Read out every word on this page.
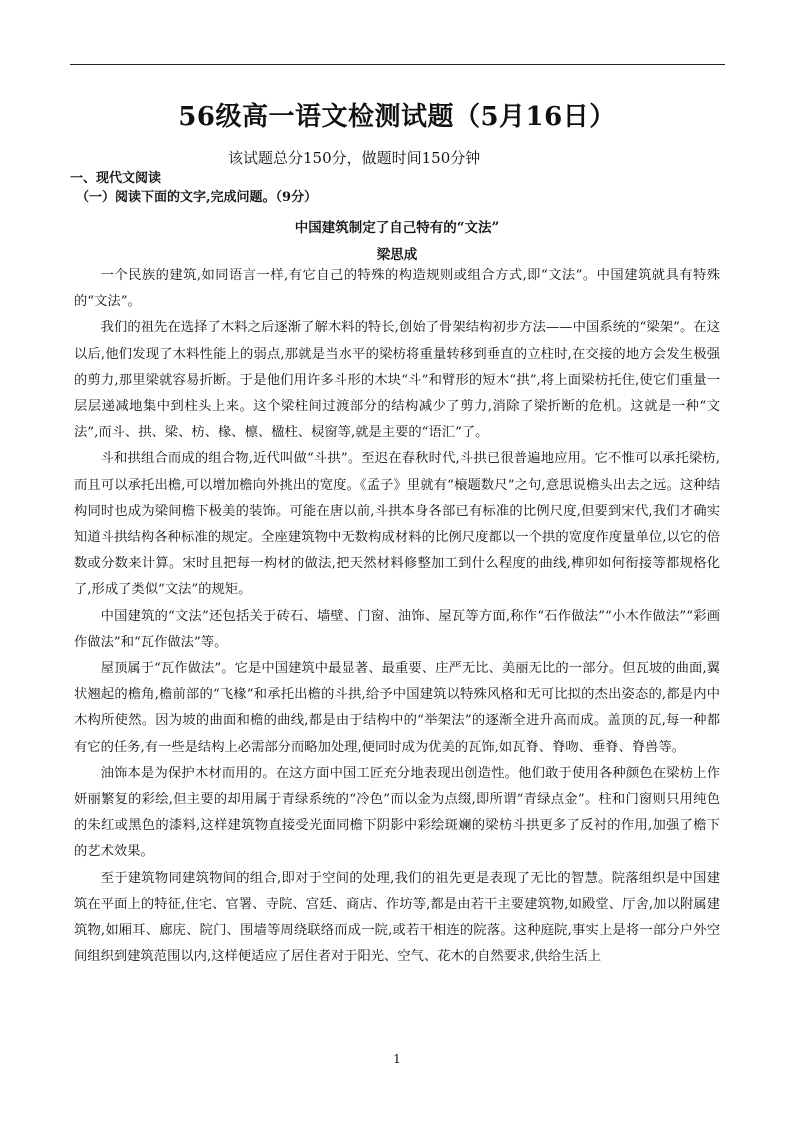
56级高一语文检测试题（5月16日）
该试题总分150分，做题时间150分钟
一、现代文阅读
（一）阅读下面的文字,完成问题。（9分）
中国建筑制定了自己特有的“文法”
梁思成

一个民族的建筑,如同语言一样,有它自己的特殊的构造规则或组合方式,即“文法”。中国建筑就具有特殊的“文法”。

我们的祖先在选择了木料之后逐渐了解木料的特长,创始了骨架结构初步方法——中国系统的“梁架”。在这以后,他们发现了木料性能上的弱点,那就是当水平的梁枋将重量转移到垂直的立柱时,在交接的地方会发生极强的剪力,那里梁就容易折断。于是他们用许多斗形的木块“斗”和臂形的短木“拱”,将上面梁枋托住,使它们重量一层层递减地集中到柱头上来。这个梁柱间过渡部分的结构减少了剪力,消除了梁折断的危机。这就是一种“文法”,而斗、拱、梁、枋、椽、檩、楹柱、棂窗等,就是主要的“语汇”了。

斗和拱组合而成的组合物,近代叫做“斗拱”。至迟在春秋时代,斗拱已很普遍地应用。它不惟可以承托梁枋,而且可以承托出檐,可以增加檐向外挑出的宽度。《孟子》里就有“榱题数尺”之句,意思说檐头出去之远。这种结构同时也成为梁间檐下极美的装饰。可能在唐以前,斗拱本身各部已有标准的比例尺度,但要到宋代,我们才确实知道斗拱结构各种标准的规定。全座建筑物中无数构成材料的比例尺度都以一个拱的宽度作度量单位,以它的倍数或分数来计算。宋时且把每一构材的做法,把天然材料修整加工到什么程度的曲线,榫卯如何衔接等都规格化了,形成了类似“文法”的规矩。

中国建筑的“文法”还包括关于砖石、墙壁、门窗、油饰、屋瓦等方面,称作“石作做法”“小木作做法”“彩画作做法”和“瓦作做法”等。

屋顶属于“瓦作做法”。它是中国建筑中最显著、最重要、庄严无比、美丽无比的一部分。但瓦坡的曲面,翼状翘起的檐角,檐前部的“飞椽”和承托出檐的斗拱,给予中国建筑以特殊风格和无可比拟的杰出姿态的,都是内中木构所使然。因为坡的曲面和檐的曲线,都是由于结构中的“举架法”的逐渐全进升高而成。盖顶的瓦,每一种都有它的任务,有一些是结构上必需部分而略加处理,便同时成为优美的瓦饰,如瓦脊、脊吻、垂脊、脊兽等。

油饰本是为保护木材而用的。在这方面中国工匠充分地表现出创造性。他们敢于使用各种颜色在梁枋上作妍丽繁复的彩绘,但主要的却用属于青绿系统的“冷色”而以金为点缀,即所谓“青绿点金”。柱和门窗则只用纯色的朱红或黑色的漆料,这样建筑物直接受光面同檐下阴影中彩绘斑斓的梁枋斗拱更多了反衬的作用,加强了檐下的艺术效果。

至于建筑物同建筑物间的组合,即对于空间的处理,我们的祖先更是表现了无比的智慧。院落组织是中国建筑在平面上的特征,住宅、官署、寺院、宫廷、商店、作坊等,都是由若干主要建筑物,如殿堂、厅舍,加以附属建筑物,如厢耳、廊庑、院门、围墙等周绕联络而成一院,或若干相连的院落。这种庭院,事实上是将一部分户外空间组织到建筑范围以内,这样便适应了居住者对于阳光、空气、花木的自然要求,供给生活上

1
